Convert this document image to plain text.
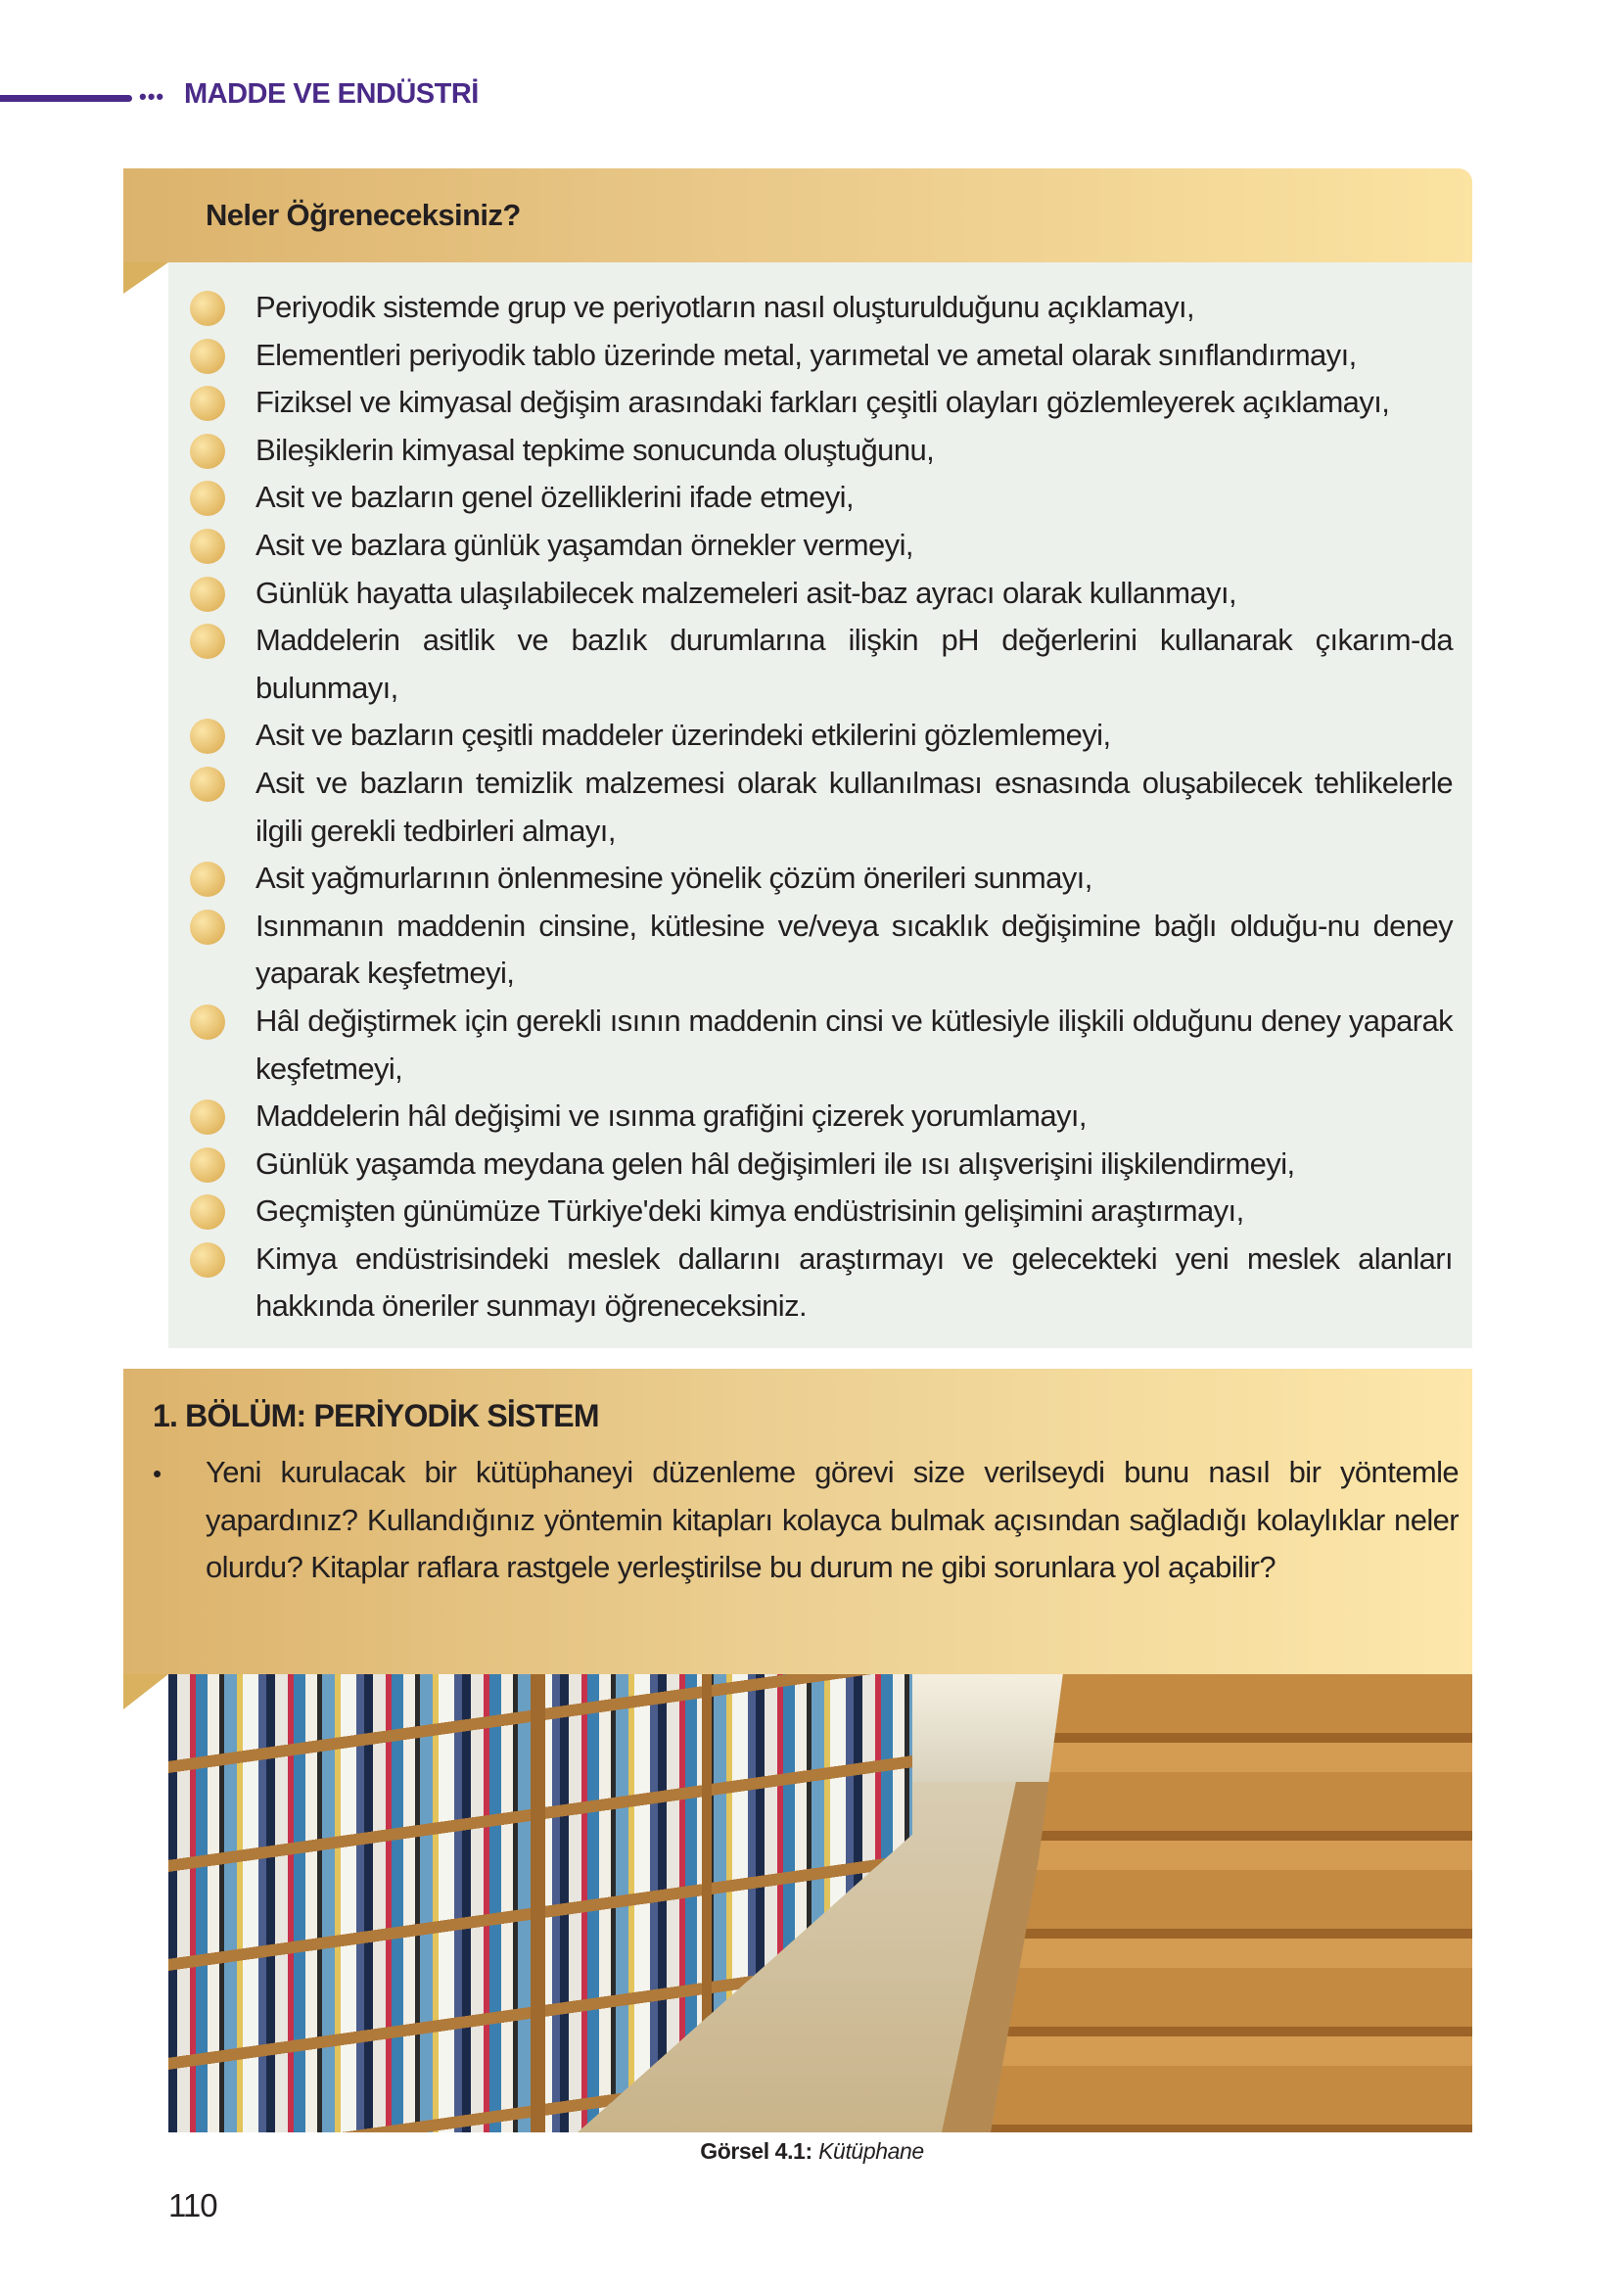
••• MADDE VE ENDÜSTRİ
Neler Öğreneceksiniz?
Periyodik sistemde grup ve periyotların nasıl oluşturulduğunu açıklamayı,
Elementleri periyodik tablo üzerinde metal, yarımetal ve ametal olarak sınıflandırmayı,
Fiziksel ve kimyasal değişim arasındaki farkları çeşitli olayları gözlemleyerek açıklamayı,
Bileşiklerin kimyasal tepkime sonucunda oluştuğunu,
Asit ve bazların genel özelliklerini ifade etmeyi,
Asit ve bazlara günlük yaşamdan örnekler vermeyi,
Günlük hayatta ulaşılabilecek malzemeleri asit-baz ayracı olarak kullanmayı,
Maddelerin asitlik ve bazlık durumlarına ilişkin pH değerlerini kullanarak çıkarım-da bulunmayı,
Asit ve bazların çeşitli maddeler üzerindeki etkilerini gözlemlemeyi,
Asit ve bazların temizlik malzemesi olarak kullanılması esnasında oluşabilecek tehlikelerle ilgili gerekli tedbirleri almayı,
Asit yağmurlarının önlenmesine yönelik çözüm önerileri sunmayı,
Isınmanın maddenin cinsine, kütlesine ve/veya sıcaklık değişimine bağlı olduğu-nu deney yaparak keşfetmeyi,
Hâl değiştirmek için gerekli ısının maddenin cinsi ve kütlesiyle ilişkili olduğunu deney yaparak keşfetmeyi,
Maddelerin hâl değişimi ve ısınma grafiğini çizerek yorumlamayı,
Günlük yaşamda meydana gelen hâl değişimleri ile ısı alışverişini ilişkilendirmeyi,
Geçmişten günümüze Türkiye'deki kimya endüstrisinin gelişimini araştırmayı,
Kimya endüstrisindeki meslek dallarını araştırmayı ve gelecekteki yeni meslek alanları hakkında öneriler sunmayı öğreneceksiniz.
1. BÖLÜM: PERİYODİK SİSTEM
• Yeni kurulacak bir kütüphaneyi düzenleme görevi size verilseydi bunu nasıl bir yöntemle yapardınız? Kullandığınız yöntemin kitapları kolayca bulmak açısından sağladığı kolaylıklar neler olurdu? Kitaplar raflara rastgele yerleştirilse bu durum ne gibi sorunlara yol açabilir?

Görsel 4.1: Kütüphane
110
